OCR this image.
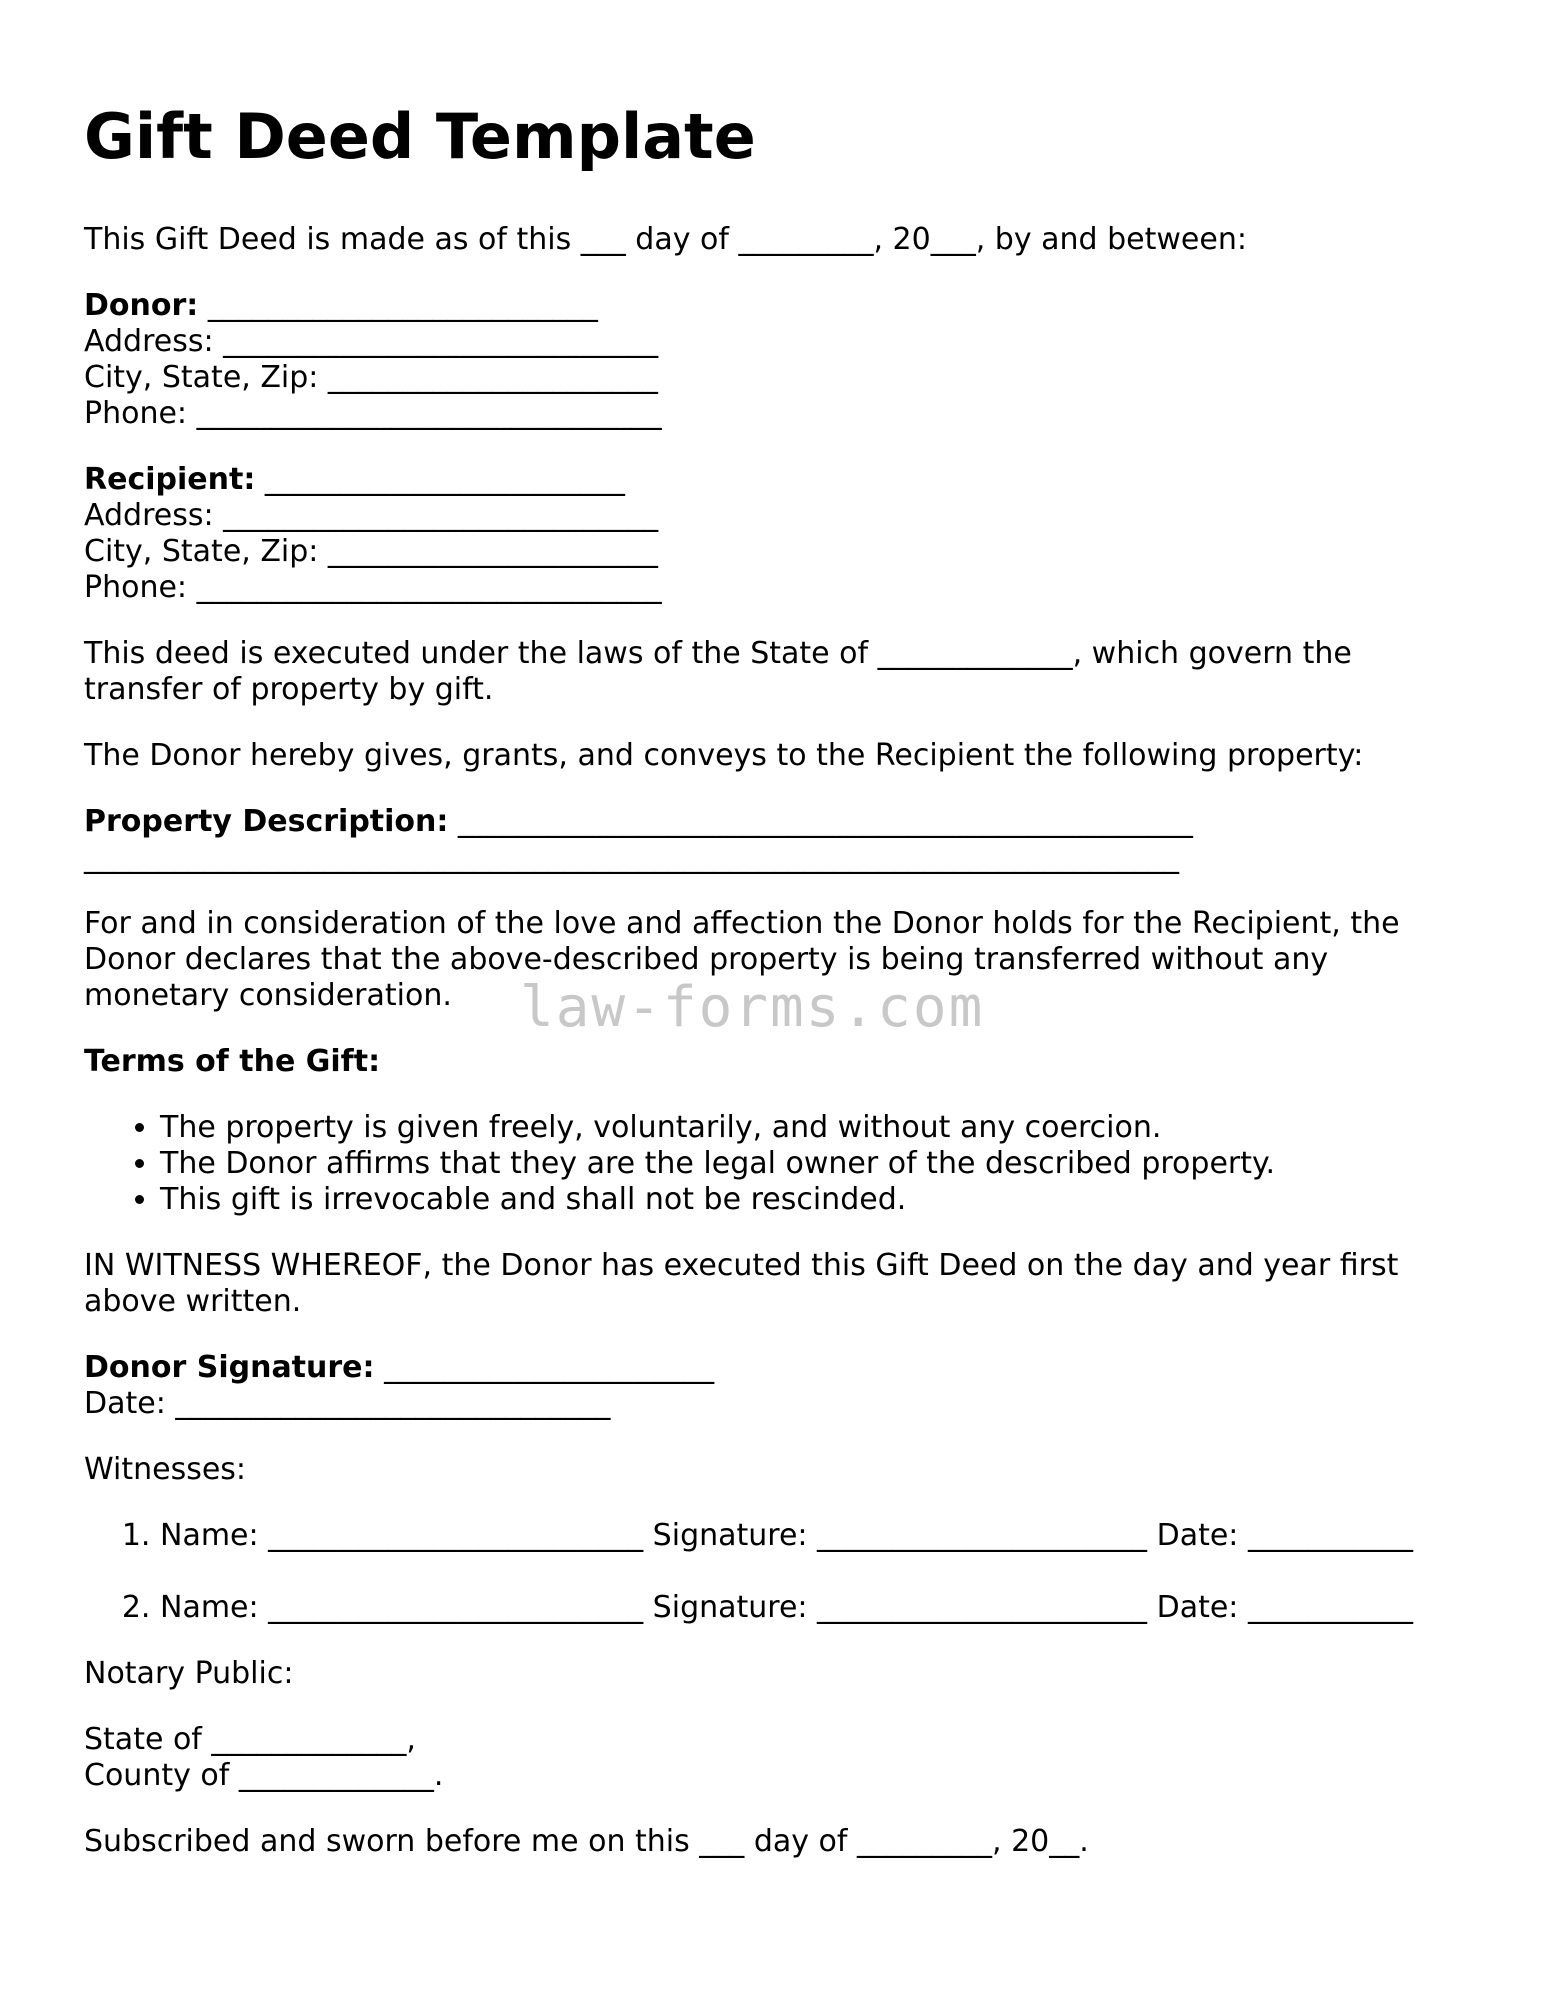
law-forms.com
Gift Deed Template

This Gift Deed is made as of this ___ day of _________, 20___, by and between:

Donor: __________________________

Address: _____________________________

City, State, Zip: ______________________

Phone: _______________________________

Recipient: ________________________

Address: _____________________________

City, State, Zip: ______________________

Phone: _______________________________

This deed is executed under the laws of the State of _____________, which govern the transfer of property by gift.

The Donor hereby gives, grants, and conveys to the Recipient the following property:

Property Description: _________________________________________________

_________________________________________________________________________

For and in consideration of the love and affection the Donor holds for the Recipient, the Donor declares that the above-described property is being transferred without any monetary consideration.

Terms of the Gift:

• The property is given freely, voluntarily, and without any coercion.
• The Donor affirms that they are the legal owner of the described property.
• This gift is irrevocable and shall not be rescinded.

IN WITNESS WHEREOF, the Donor has executed this Gift Deed on the day and year first above written.

Donor Signature: ______________________

Date: _____________________________

Witnesses:

1. Name: _________________________ Signature: ______________________ Date: ___________
2. Name: _________________________ Signature: ______________________ Date: ___________

Notary Public:

State of _____________,

County of _____________.

Subscribed and sworn before me on this ___ day of _________, 20__.
